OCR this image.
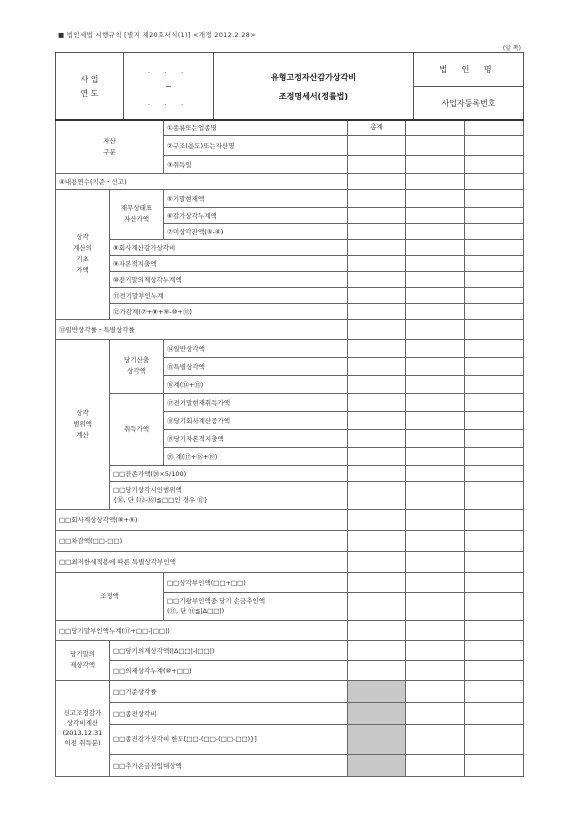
■ 법인세법 시행규칙 [별지 제20호서식(1)] <개정 2012.2.28>
(앞 쪽)
사 업
연 도	
. . .
~
. . .

유형고정자산감가상각비
조정명세서(정률법)
	법 인 명
사업자등록번호
자산
구분		①종류또는업종명	총계		
		②구조(용도)또는자산명			
		③취득일			
④내용연수(기준・신고)					
상각
계산의
기초
가액	재무상태표
자산가액	⑤기말현재액			
		⑥감가상각누계액			
		⑦미상각잔액(⑤-⑥)			
	⑧회사계산감가상각비				
	⑨자본적지출액				
	⑩전기말의제상각누계액				
	⑪전기말부인누계				
	⑫가감계(⑦+⑧+⑨-⑩+⑪)				
⑬일반상각률・특별상각률					
상각
범위액
계산	당기산출
상각액	⑭일반상각액			
		⑮특별상각액			
		⑯계(⑭+⑮)			
	취득가액	⑰전기말현재취득가액			
		⑱당기회사계산증가액			
		⑲당기자본적지출액			
		⑳ 계(⑰+⑱+⑲)			
	□□잔존가액(⑳×5/100)				

	□□당기상각시인범위액
{⑯, 단 (⑫-⑯)≦□□인 경우 ⑫}				

□□회사계상상각액(⑧+⑨)					
□□차감액(□□-□□)					
□□최저한세적용에 따른 특별상각부인액					
조정액		□□상각부인액(□□+□□)			

		□□기왕부인액중 당기 손금추인액
(⑪, 단 ⑪≦|Δ□□|)			

□□당기말부인액누계(⑪+□□-|□□|)					
당기말의
제상각액	□□당기의제상각액(|Δ□□|-|□□|)				
	□□의제상각누계(⑩+□□)				
신고조정감가
상각비계산
(2013.12.31
이전 취득분)	□□기준상각률				
	□□종전상각비				
	□□종전감가상각비 한도[□□-(□□-(□□-□□)}]				
	□□추가손금산입대상액				
